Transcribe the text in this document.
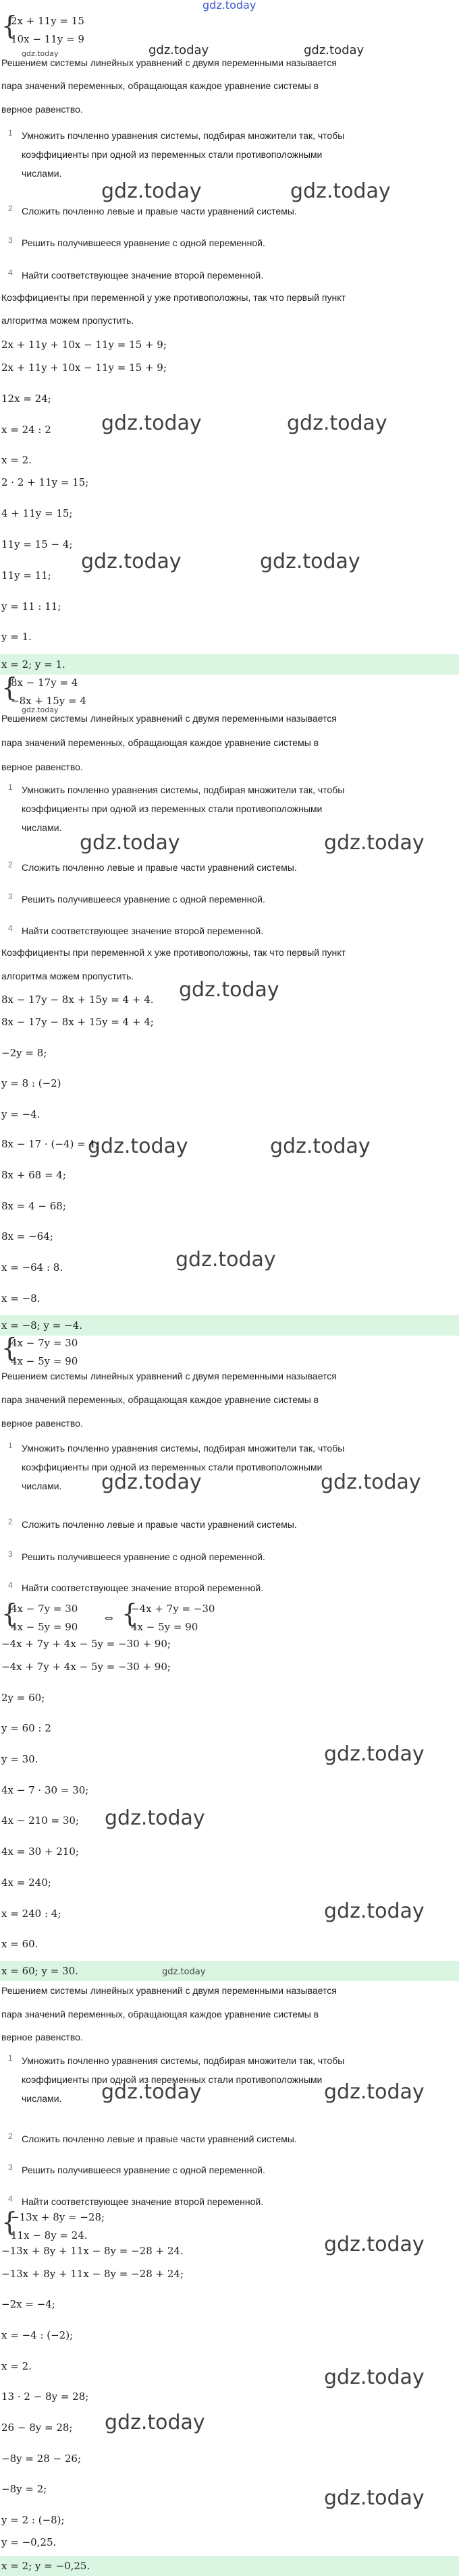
gdz.today
{
2x + 11y = 15
10x − 11y = 9
gdz.today	gdz.today	gdz.today
Решением системы линейных уравнений с двумя переменными называется
пара значений переменных, обращающая каждое уравнение системы в
верное равенство.
1 Умножить почленно уравнения системы, подбирая множители так, чтобы
коэффициенты при одной из переменных стали противоположными
числами.
gdz.today	gdz.today
2 Сложить почленно левые и правые части уравнений системы.
3 Решить получившееся уравнение с одной переменной.
4 Найти соответствующее значение второй переменной.
Коэффициенты при переменной y уже противоположны, так что первый пункт
алгоритма можем пропустить.
2x + 11y + 10x − 11y = 15 + 9;
2x + 11y + 10x − 11y = 15 + 9;
12x = 24;
gdz.today	gdz.today
x = 24 : 2
x = 2.
2 · 2 + 11y = 15;
4 + 11y = 15;
11y = 15 − 4;
gdz.today	gdz.today
11y = 11;
y = 11 : 11;
y = 1.
x = 2; y = 1.
{
8x − 17y = 4
−8x + 15y = 4
gdz.today
Решением системы линейных уравнений с двумя переменными называется
пара значений переменных, обращающая каждое уравнение системы в
верное равенство.
1 Умножить почленно уравнения системы, подбирая множители так, чтобы
коэффициенты при одной из переменных стали противоположными
числами.
gdz.today	gdz.today
2 Сложить почленно левые и правые части уравнений системы.
3 Решить получившееся уравнение с одной переменной.
4 Найти соответствующее значение второй переменной.
Коэффициенты при переменной x уже противоположны, так что первый пункт
алгоритма можем пропустить.
8x − 17y − 8x + 15y = 4 + 4. gdz.today
8x − 17y − 8x + 15y = 4 + 4;
−2y = 8;
y = 8 : (−2)
y = −4.
8x − 17 · (−4) = 4;
gdz.today	gdz.today
8x + 68 = 4;
8x = 4 − 68;
8x = −64;
gdz.today
x = −64 : 8.
x = −8.
x = −8; y = −4.
{
4x − 7y = 30
4x − 5y = 90
Решением системы линейных уравнений с двумя переменными называется
пара значений переменных, обращающая каждое уравнение системы в
верное равенство.
1 Умножить почленно уравнения системы, подбирая множители так, чтобы
коэффициенты при одной из переменных стали противоположными
числами.	gdz.today	gdz.today
2 Сложить почленно левые и правые части уравнений системы.
3 Решить получившееся уравнение с одной переменной.
4 Найти соответствующее значение второй переменной.
{
4x − 7y = 30
4x − 5y = 90
⇔ {
−4x + 7y = −30
4x − 5y = 90
−4x + 7y + 4x − 5y = −30 + 90;
−4x + 7y + 4x − 5y = −30 + 90;
2y = 60;
y = 60 : 2
gdz.today
y = 30.
4x − 7 · 30 = 30;
gdz.today
4x − 210 = 30;
4x = 30 + 210;
4x = 240;
gdz.today
x = 240 : 4;
x = 60.
x = 60; y = 30.	gdz.today
Решением системы линейных уравнений с двумя переменными называется
пара значений переменных, обращающая каждое уравнение системы в
верное равенство.
1 Умножить почленно уравнения системы, подбирая множители так, чтобы
коэффициенты при одной из переменных стали противоположными
числами.	gdz.today	gdz.today
2 Сложить почленно левые и правые части уравнений системы.
3 Решить получившееся уравнение с одной переменной.
4 Найти соответствующее значение второй переменной.
{
−13x + 8y = −28;
11x − 8y = 24.
−13x + 8y + 11x − 8y = −28 + 24.	gdz.today
−13x + 8y + 11x − 8y = −28 + 24;
−2x = −4;
x = −4 : (−2);
x = 2.	gdz.today
13 · 2 − 8y = 28;
gdz.today
26 − 8y = 28;
−8y = 28 − 26;
−8y = 2;	gdz.today
y = 2 : (−8);
y = −0,25.
x = 2; y = −0,25.
